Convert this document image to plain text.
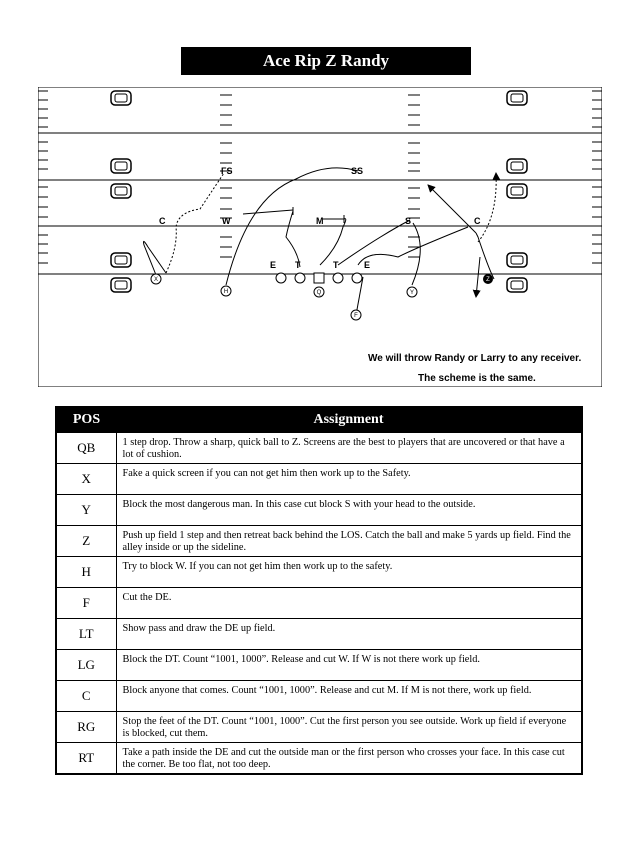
Ace Rip Z Randy
FS	SS
C	W	M	S	C
E T	T	E
X
H	Q	Y
Z
F
We will throw Randy or Larry to any receiver.
The scheme is the same.
POS	Assignment
QB	1 step drop. Throw a sharp, quick ball to Z. Screens are the best to players that are uncovered or that have a lot of cushion.
X	Fake a quick screen if you can not get him then work up to the Safety.
Y	Block the most dangerous man. In this case cut block S with your head to the outside.
Z	Push up field 1 step and then retreat back behind the LOS. Catch the ball and make 5 yards up field. Find the alley inside or up the sideline.
H	Try to block W. If you can not get him then work up to the safety.
F	Cut the DE.
LT	Show pass and draw the DE up field.
LG	Block the DT. Count “1001, 1000”. Release and cut W. If W is not there work up field.
C	Block anyone that comes. Count “1001, 1000”. Release and cut M. If M is not there, work up field.
RG	Stop the feet of the DT. Count “1001, 1000”. Cut the first person you see outside. Work up field if everyone is blocked, cut them.
RT	Take a path inside the DE and cut the outside man or the first person who crosses your face. In this case cut the corner. Be too flat, not too deep.
